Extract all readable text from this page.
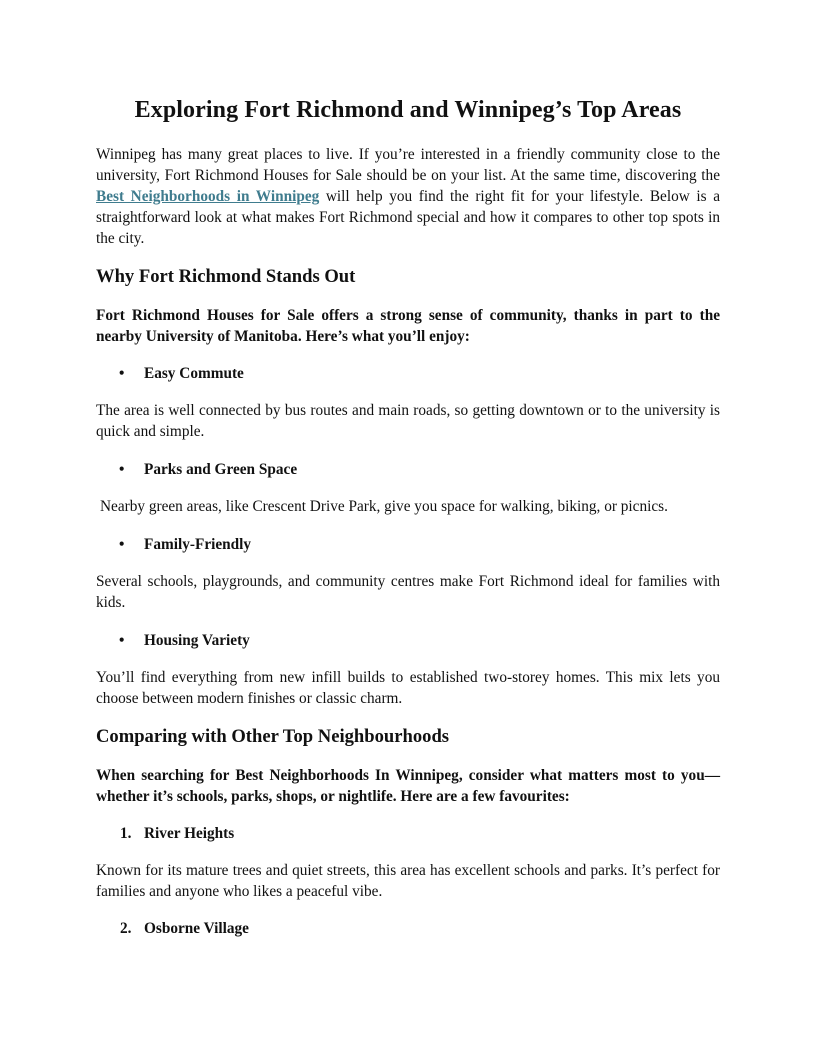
Exploring Fort Richmond and Winnipeg’s Top Areas

Winnipeg has many great places to live. If you’re interested in a friendly community close to the university, Fort Richmond Houses for Sale should be on your list. At the same time, discovering the Best Neighborhoods in Winnipeg will help you find the right fit for your lifestyle. Below is a straightforward look at what makes Fort Richmond special and how it compares to other top spots in the city.

Why Fort Richmond Stands Out

Fort Richmond Houses for Sale offers a strong sense of community, thanks in part to the nearby University of Manitoba. Here’s what you’ll enjoy:

• Easy Commute

The area is well connected by bus routes and main roads, so getting downtown or to the university is quick and simple.

• Parks and Green Space

Nearby green areas, like Crescent Drive Park, give you space for walking, biking, or picnics.

• Family-Friendly

Several schools, playgrounds, and community centres make Fort Richmond ideal for families with kids.

• Housing Variety

You’ll find everything from new infill builds to established two-storey homes. This mix lets you choose between modern finishes or classic charm.

Comparing with Other Top Neighbourhoods

When searching for Best Neighborhoods In Winnipeg, consider what matters most to you—whether it’s schools, parks, shops, or nightlife. Here are a few favourites:

1. River Heights

Known for its mature trees and quiet streets, this area has excellent schools and parks. It’s perfect for families and anyone who likes a peaceful vibe.

2. Osborne Village
